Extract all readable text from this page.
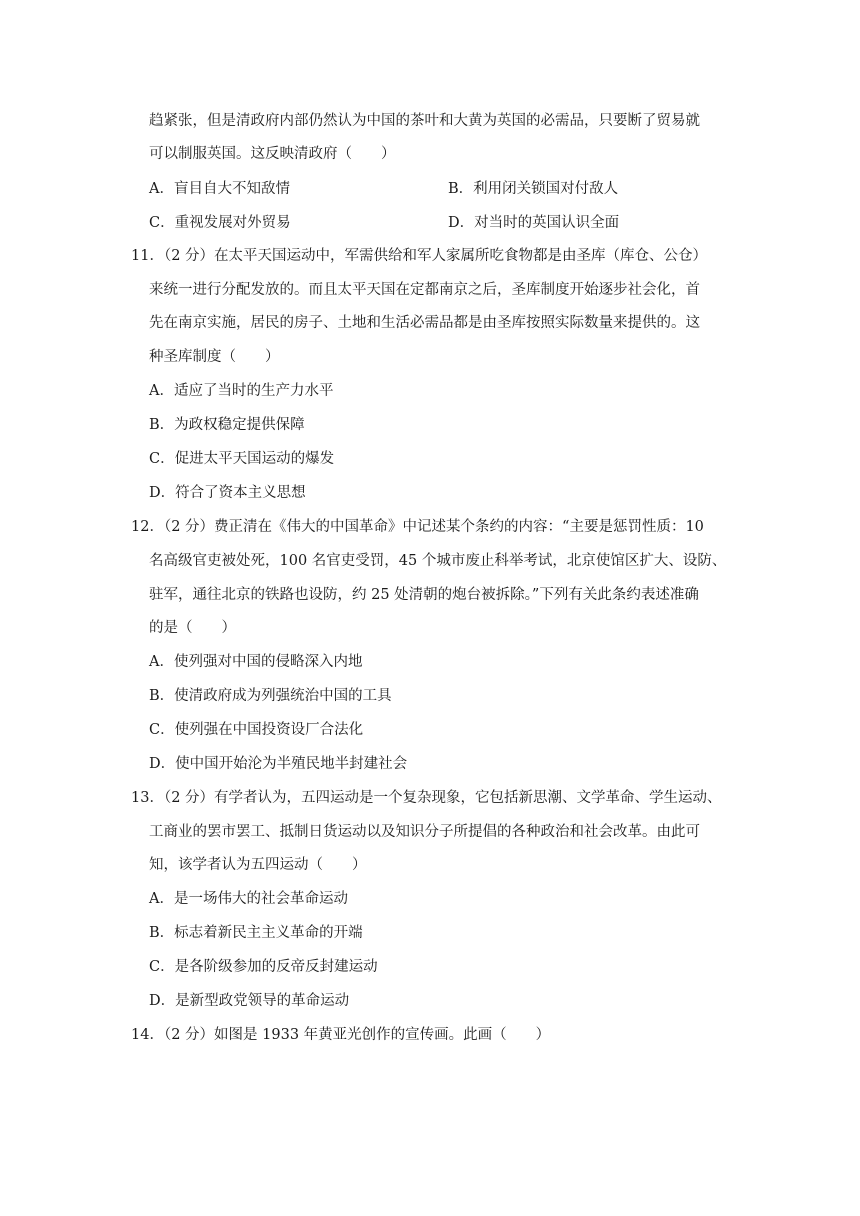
趋紧张，但是清政府内部仍然认为中国的茶叶和大黄为英国的必需品，只要断了贸易就
可以制服英国。这反映清政府（　　）
A．盲目自大不知敌情	B．利用闭关锁国对付敌人
C．重视发展对外贸易	D．对当时的英国认识全面
11．（2 分）在太平天国运动中，军需供给和军人家属所吃食物都是由圣库（库仓、公仓）
来统一进行分配发放的。而且太平天国在定都南京之后，圣库制度开始逐步社会化，首
先在南京实施，居民的房子、土地和生活必需品都是由圣库按照实际数量来提供的。这
种圣库制度（　　）
A．适应了当时的生产力水平
B．为政权稳定提供保障
C．促进太平天国运动的爆发
D．符合了资本主义思想
12．（2 分）费正清在《伟大的中国革命》中记述某个条约的内容：“主要是惩罚性质：10
名高级官吏被处死，100 名官吏受罚，45 个城市废止科举考试，北京使馆区扩大、设防、
驻军，通往北京的铁路也设防，约 25 处清朝的炮台被拆除。”下列有关此条约表述准确
的是（　　）
A．使列强对中国的侵略深入内地
B．使清政府成为列强统治中国的工具
C．使列强在中国投资设厂合法化
D．使中国开始沦为半殖民地半封建社会
13．（2 分）有学者认为，五四运动是一个复杂现象，它包括新思潮、文学革命、学生运动、
工商业的罢市罢工、抵制日货运动以及知识分子所提倡的各种政治和社会改革。由此可
知，该学者认为五四运动（　　）
A．是一场伟大的社会革命运动
B．标志着新民主主义革命的开端
C．是各阶级参加的反帝反封建运动
D．是新型政党领导的革命运动
14．（2 分）如图是 1933 年黄亚光创作的宣传画。此画（　　）
